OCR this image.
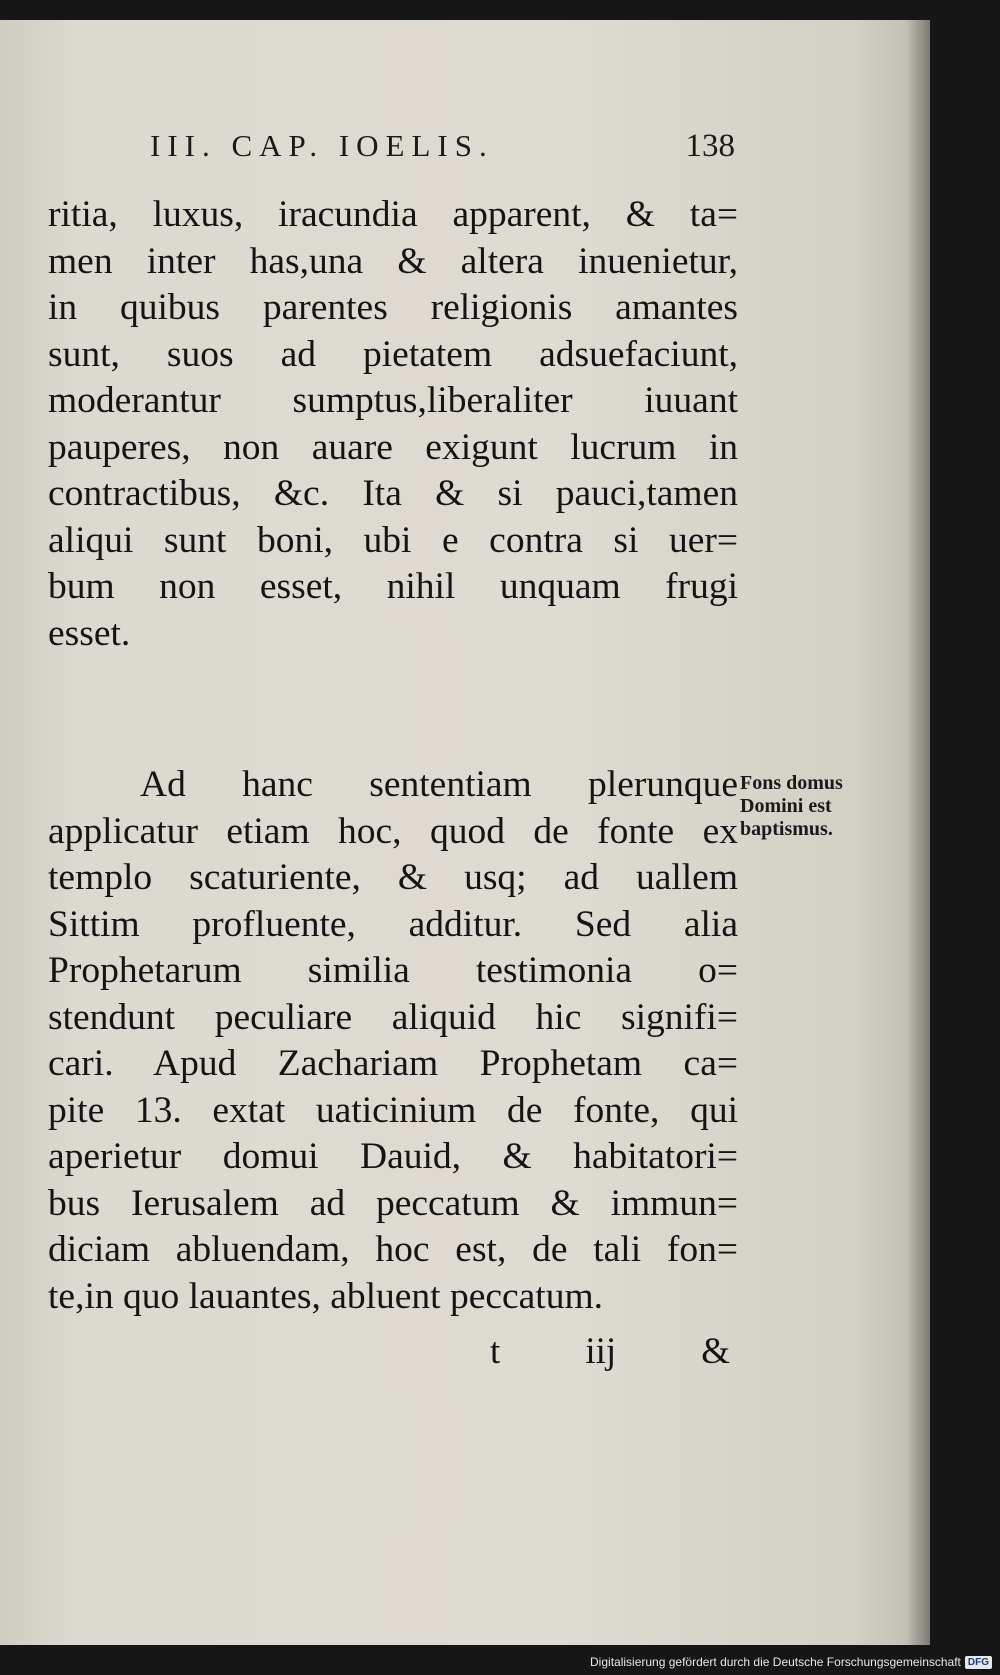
III. CAP. IOELIS.	138
ritia, luxus, iracundia apparent, & ta=
men inter has,una & altera inuenietur,
in quibus parentes religionis amantes
sunt, suos ad pietatem adsuefaciunt,
moderantur sumptus,liberaliter iuuant
pauperes, non auare exigunt lucrum in
contractibus, &c. Ita & si pauci,tamen
aliqui sunt boni, ubi e contra si uer=
bum non esset, nihil unquam frugi
esset.
Ad hanc sententiam plerunque
applicatur etiam hoc, quod de fonte ex
templo scaturiente, & usq; ad uallem
Sittim profluente, additur. Sed alia
Prophetarum similia testimonia o=
stendunt peculiare aliquid hic signifi=
cari. Apud Zachariam Prophetam ca=
pite 13. extat uaticinium de fonte, qui
aperietur domui Dauid, & habitatori=
bus Ierusalem ad peccatum & immun=
diciam abluendam, hoc est, de tali fon=
te,in quo lauantes, abluent peccatum.
Fons domus
Domini est
baptismus.
t iij &
Digitalisierung gefördert durch die Deutsche Forschungsgemeinschaft DFG
